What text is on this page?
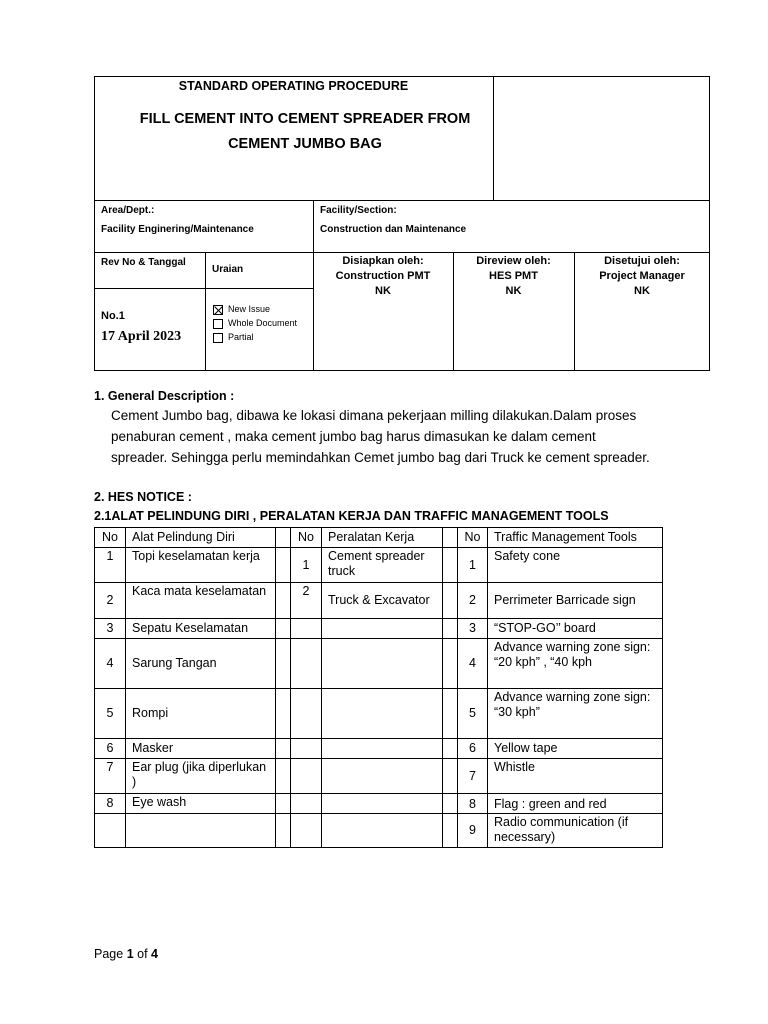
STANDARD OPERATING PROCEDURE
FILL CEMENT INTO CEMENT SPREADER FROM
CEMENT JUMBO BAG
Area/Dept.:
Facility Enginering/Maintenance
Facility/Section:
Construction dan Maintenance
Rev No & Tanggal
Uraian
Disiapkan oleh:
Construction PMT
NK
Direview oleh:
HES PMT
NK
Disetujui oleh:
Project Manager
NK
No.1
17 April 2023
New Issue
Whole Document
Partial
1. General Description :
Cement Jumbo bag, dibawa ke lokasi dimana pekerjaan milling dilakukan.Dalam proses
penaburan cement , maka cement jumbo bag harus dimasukan ke dalam cement
spreader. Sehingga perlu memindahkan Cemet jumbo bag dari Truck ke cement spreader.
2. HES NOTICE :
2.1ALAT PELINDUNG DIRI , PERALATAN KERJA DAN TRAFFIC MANAGEMENT TOOLS
No	Alat Pelindung Diri		No	Peralatan Kerja		No	Traffic Management Tools
1	Topi keselamatan kerja		1	Cement spreader truck		1	Safety cone
2	Kaca mata keselamatan		2	Truck & Excavator		2	Perrimeter Barricade sign
3	Sepatu Keselamatan					3	“STOP-GO’’ board
4	Sarung Tangan					4	Advance warning zone sign:
“20 kph” , “40 kph
5	Rompi					5	Advance warning zone sign:
“30 kph”
6	Masker					6	Yellow tape
7	Ear plug (jika diperlukan )					7	Whistle
8	Eye wash					8	Flag : green and red
						9	Radio communication (if necessary)
Page 1 of 4
